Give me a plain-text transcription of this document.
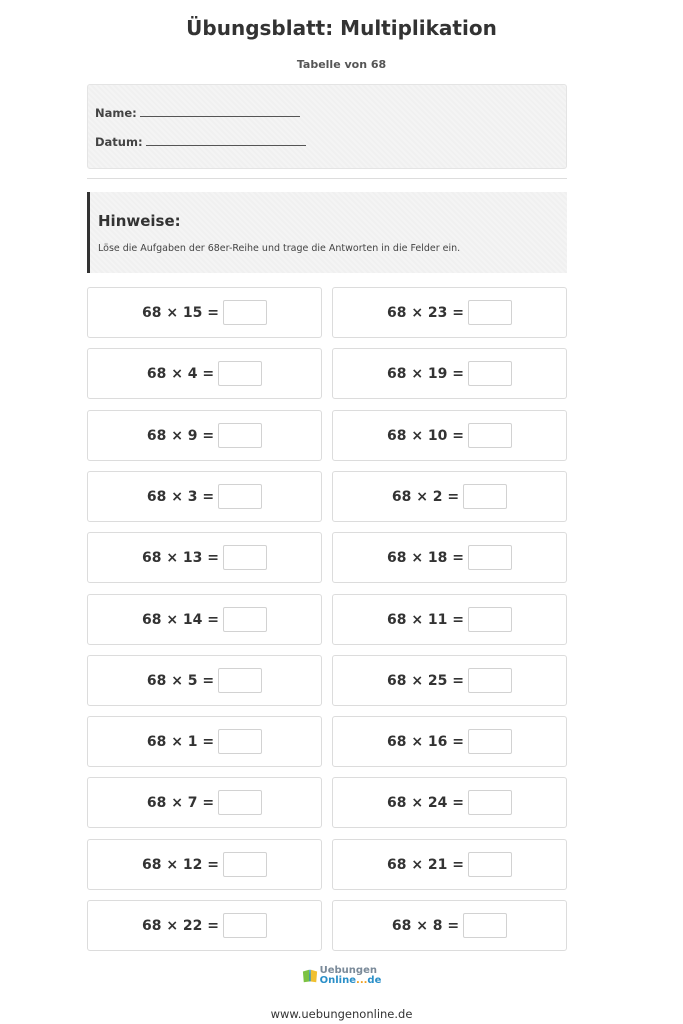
Übungsblatt: Multiplikation
Tabelle von 68
Name:
Datum:
Hinweise:
Löse die Aufgaben der 68er-Reihe und trage die Antworten in die Felder ein.
68 × 15 =
68 × 4 =
68 × 9 =
68 × 3 =
68 × 13 =
68 × 14 =
68 × 5 =
68 × 1 =
68 × 7 =
68 × 12 =
68 × 22 =
68 × 23 =
68 × 19 =
68 × 10 =
68 × 2 =
68 × 18 =
68 × 11 =
68 × 25 =
68 × 16 =
68 × 24 =
68 × 21 =
68 × 8 =
Uebungen
Online...de
www.uebungenonline.de
